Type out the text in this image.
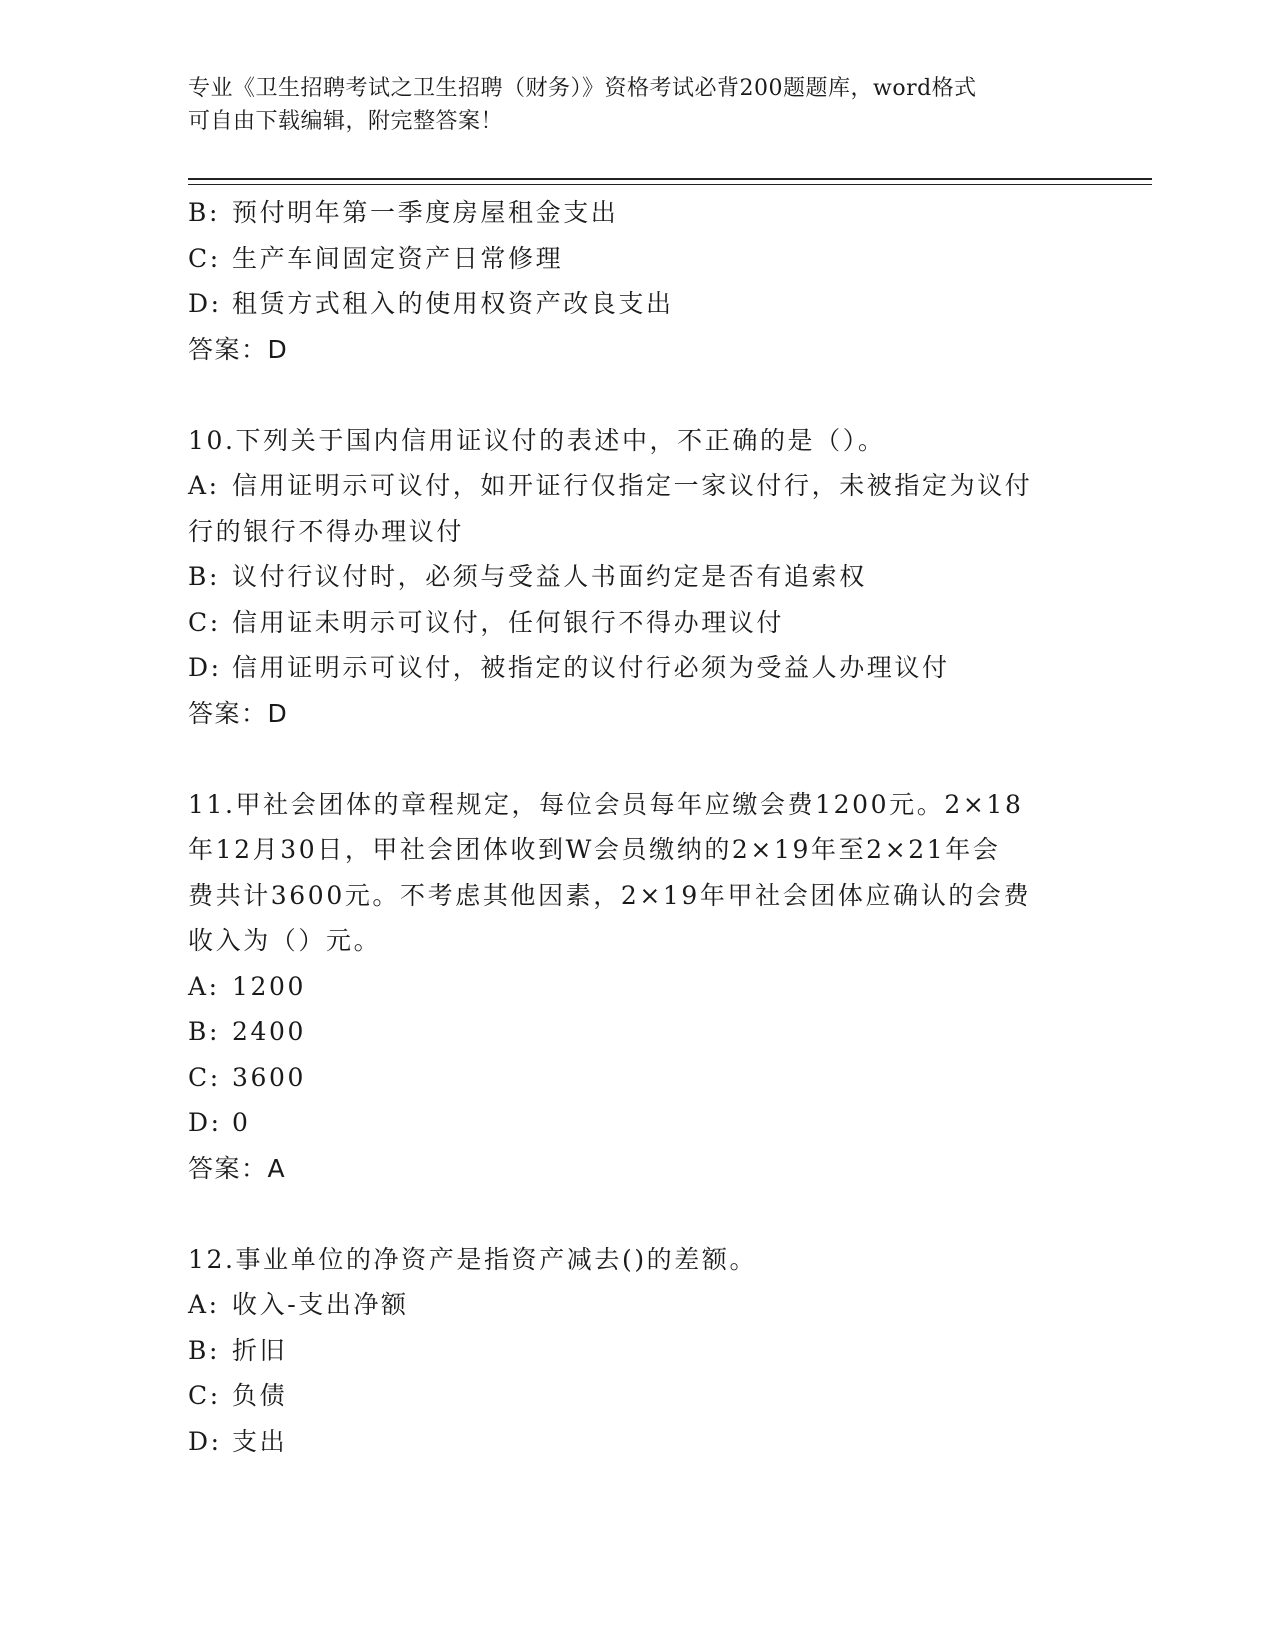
专业《卫生招聘考试之卫生招聘（财务）》资格考试必背200题题库，word格式
可自由下载编辑，附完整答案！
B: 预付明年第一季度房屋租金支出
C: 生产车间固定资产日常修理
D: 租赁方式租入的使用权资产改良支出
答案：D
10.下列关于国内信用证议付的表述中，不正确的是（）。
A: 信用证明示可议付，如开证行仅指定一家议付行，未被指定为议付
行的银行不得办理议付
B: 议付行议付时，必须与受益人书面约定是否有追索权
C: 信用证未明示可议付，任何银行不得办理议付
D: 信用证明示可议付，被指定的议付行必须为受益人办理议付
答案：D
11.甲社会团体的章程规定，每位会员每年应缴会费1200元。2×18
年12月30日，甲社会团体收到W会员缴纳的2×19年至2×21年会
费共计3600元。不考虑其他因素，2×19年甲社会团体应确认的会费
收入为（）元。
A: 1200
B: 2400
C: 3600
D: 0
答案：A
12.事业单位的净资产是指资产减去()的差额。
A: 收入-支出净额
B: 折旧
C: 负债
D: 支出
